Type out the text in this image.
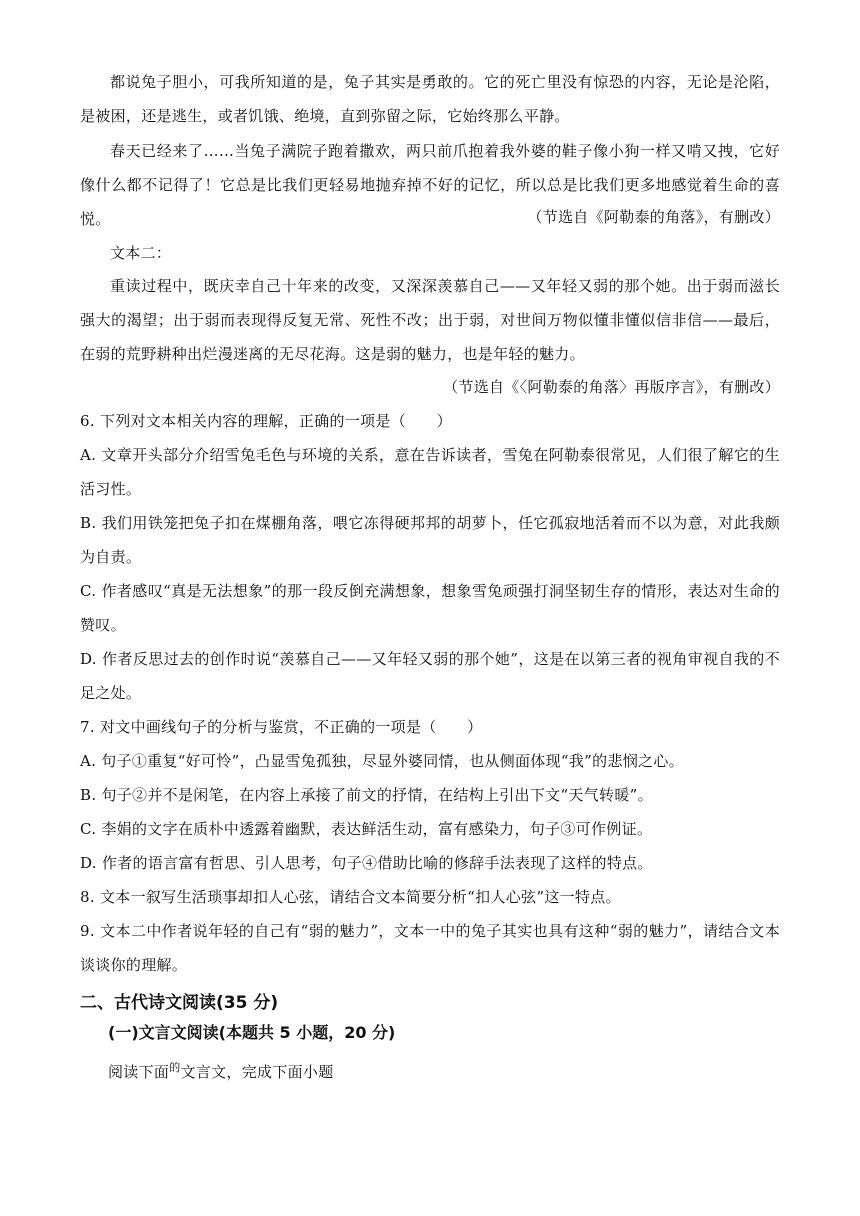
都说兔子胆小，可我所知道的是，兔子其实是勇敢的。它的死亡里没有惊恐的内容，无论是沦陷，是被困，还是逃生，或者饥饿、绝境，直到弥留之际，它始终那么平静。

春天已经来了……当兔子满院子跑着撒欢，两只前爪抱着我外婆的鞋子像小狗一样又啃又拽，它好像什么都不记得了！它总是比我们更轻易地抛弃掉不好的记忆，所以总是比我们更多地感觉着生命的喜悦。	（节选自《阿勒泰的角落》，有删改）

文本二：

重读过程中，既庆幸自己十年来的改变，又深深羡慕自己——又年轻又弱的那个她。出于弱而滋长强大的渴望；出于弱而表现得反复无常、死性不改；出于弱，对世间万物似懂非懂似信非信——最后，在弱的荒野耕种出烂漫迷离的无尽花海。这是弱的魅力，也是年轻的魅力。

（节选自《〈阿勒泰的角落〉再版序言》，有删改）

6. 下列对文本相关内容的理解，正确的一项是（　　）

A. 文章开头部分介绍雪兔毛色与环境的关系，意在告诉读者，雪兔在阿勒泰很常见，人们很了解它的生活习性。

B. 我们用铁笼把兔子扣在煤棚角落，喂它冻得硬邦邦的胡萝卜，任它孤寂地活着而不以为意，对此我颇为自责。

C. 作者感叹“真是无法想象”的那一段反倒充满想象，想象雪兔顽强打洞坚韧生存的情形，表达对生命的赞叹。

D. 作者反思过去的创作时说“羡慕自己——又年轻又弱的那个她”，这是在以第三者的视角审视自我的不足之处。

7. 对文中画线句子的分析与鉴赏，不正确的一项是（　　）

A. 句子①重复“好可怜”，凸显雪兔孤独，尽显外婆同情，也从侧面体现“我”的悲悯之心。

B. 句子②并不是闲笔，在内容上承接了前文的抒情，在结构上引出下文“天气转暖”。

C. 李娟的文字在质朴中透露着幽默，表达鲜活生动，富有感染力，句子③可作例证。

D. 作者的语言富有哲思、引人思考，句子④借助比喻的修辞手法表现了这样的特点。

8. 文本一叙写生活琐事却扣人心弦，请结合文本简要分析“扣人心弦”这一特点。

9. 文本二中作者说年轻的自己有“弱的魅力”，文本一中的兔子其实也具有这种“弱的魅力”，请结合文本谈谈你的理解。

二、古代诗文阅读(35 分)

(一)文言文阅读(本题共 5 小题，20 分)

阅读下面$^的$文言文，完成下面小题
